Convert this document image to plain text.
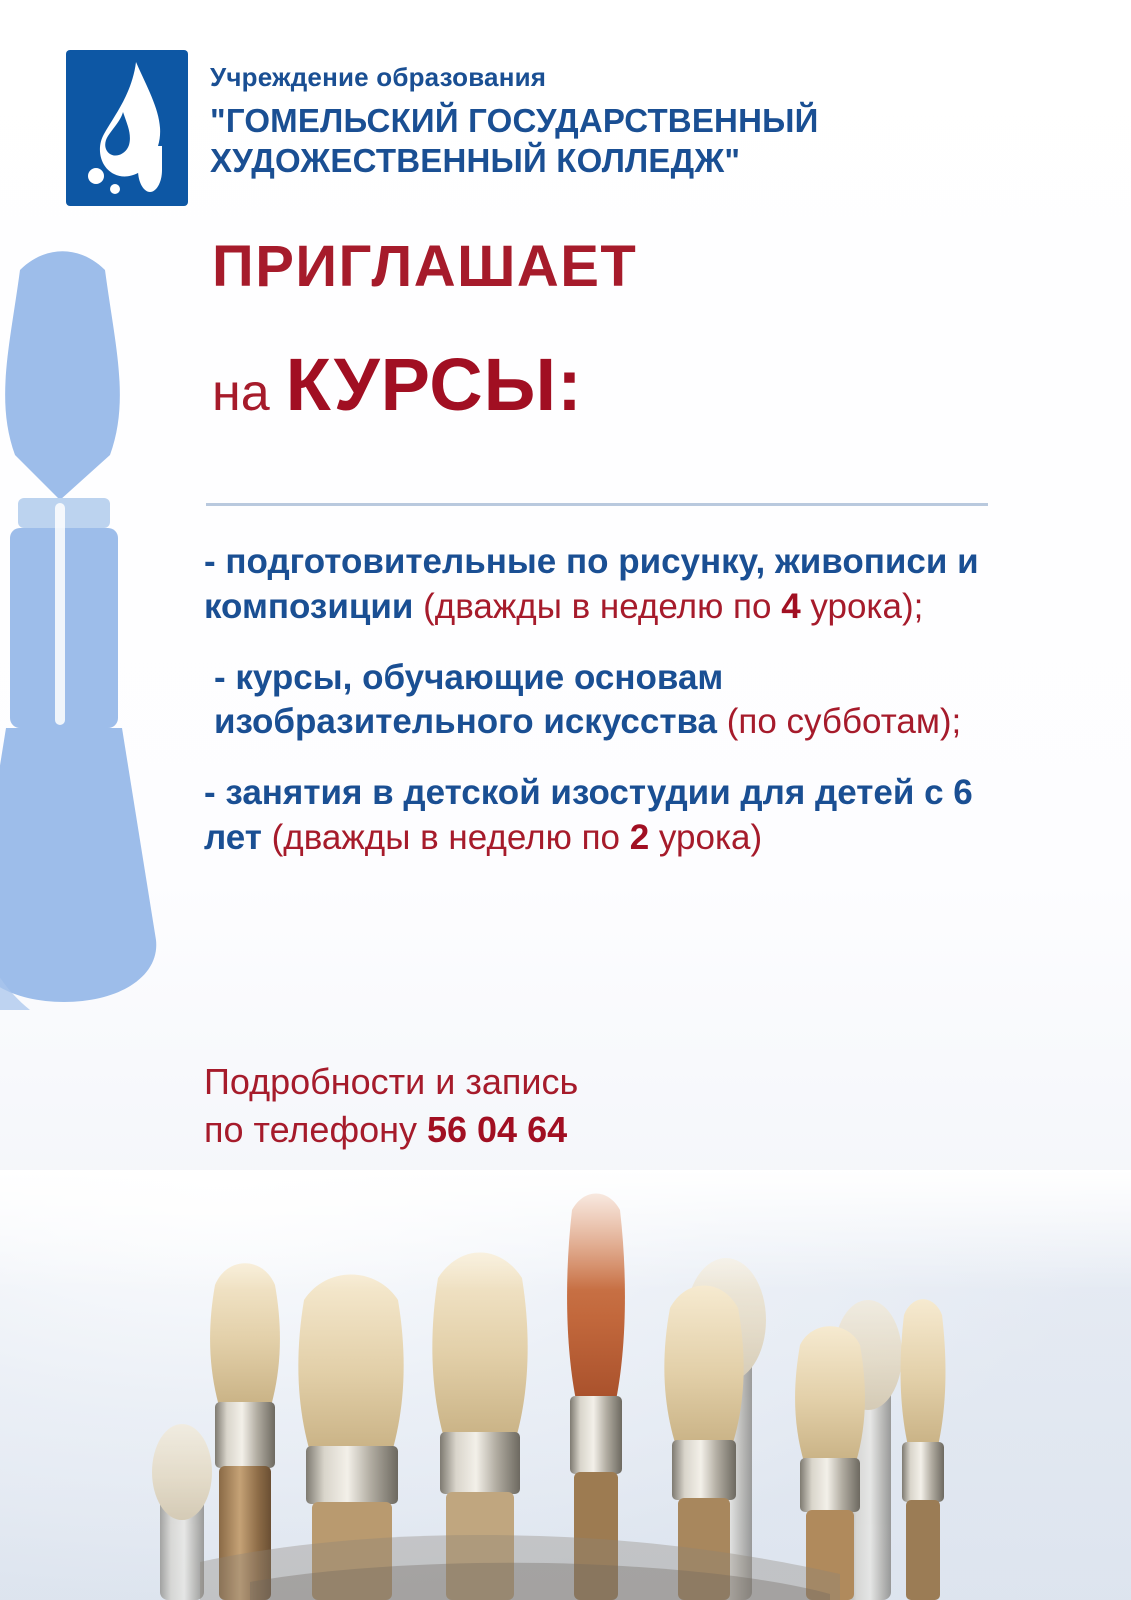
Учреждение образования
"ГОМЕЛЬСКИЙ ГОСУДАРСТВЕННЫЙ ХУДОЖЕСТВЕННЫЙ КОЛЛЕДЖ"
ПРИГЛАШАЕТ
на КУРСЫ:
- подготовительные по рисунку, живописи и композиции (дважды в неделю по 4 урока);
- курсы, обучающие основам изобразительного искусства (по субботам);
- занятия в детской изостудии для детей с 6 лет (дважды в неделю по 2 урока)
Подробности и запись
по телефону 56 04 64
